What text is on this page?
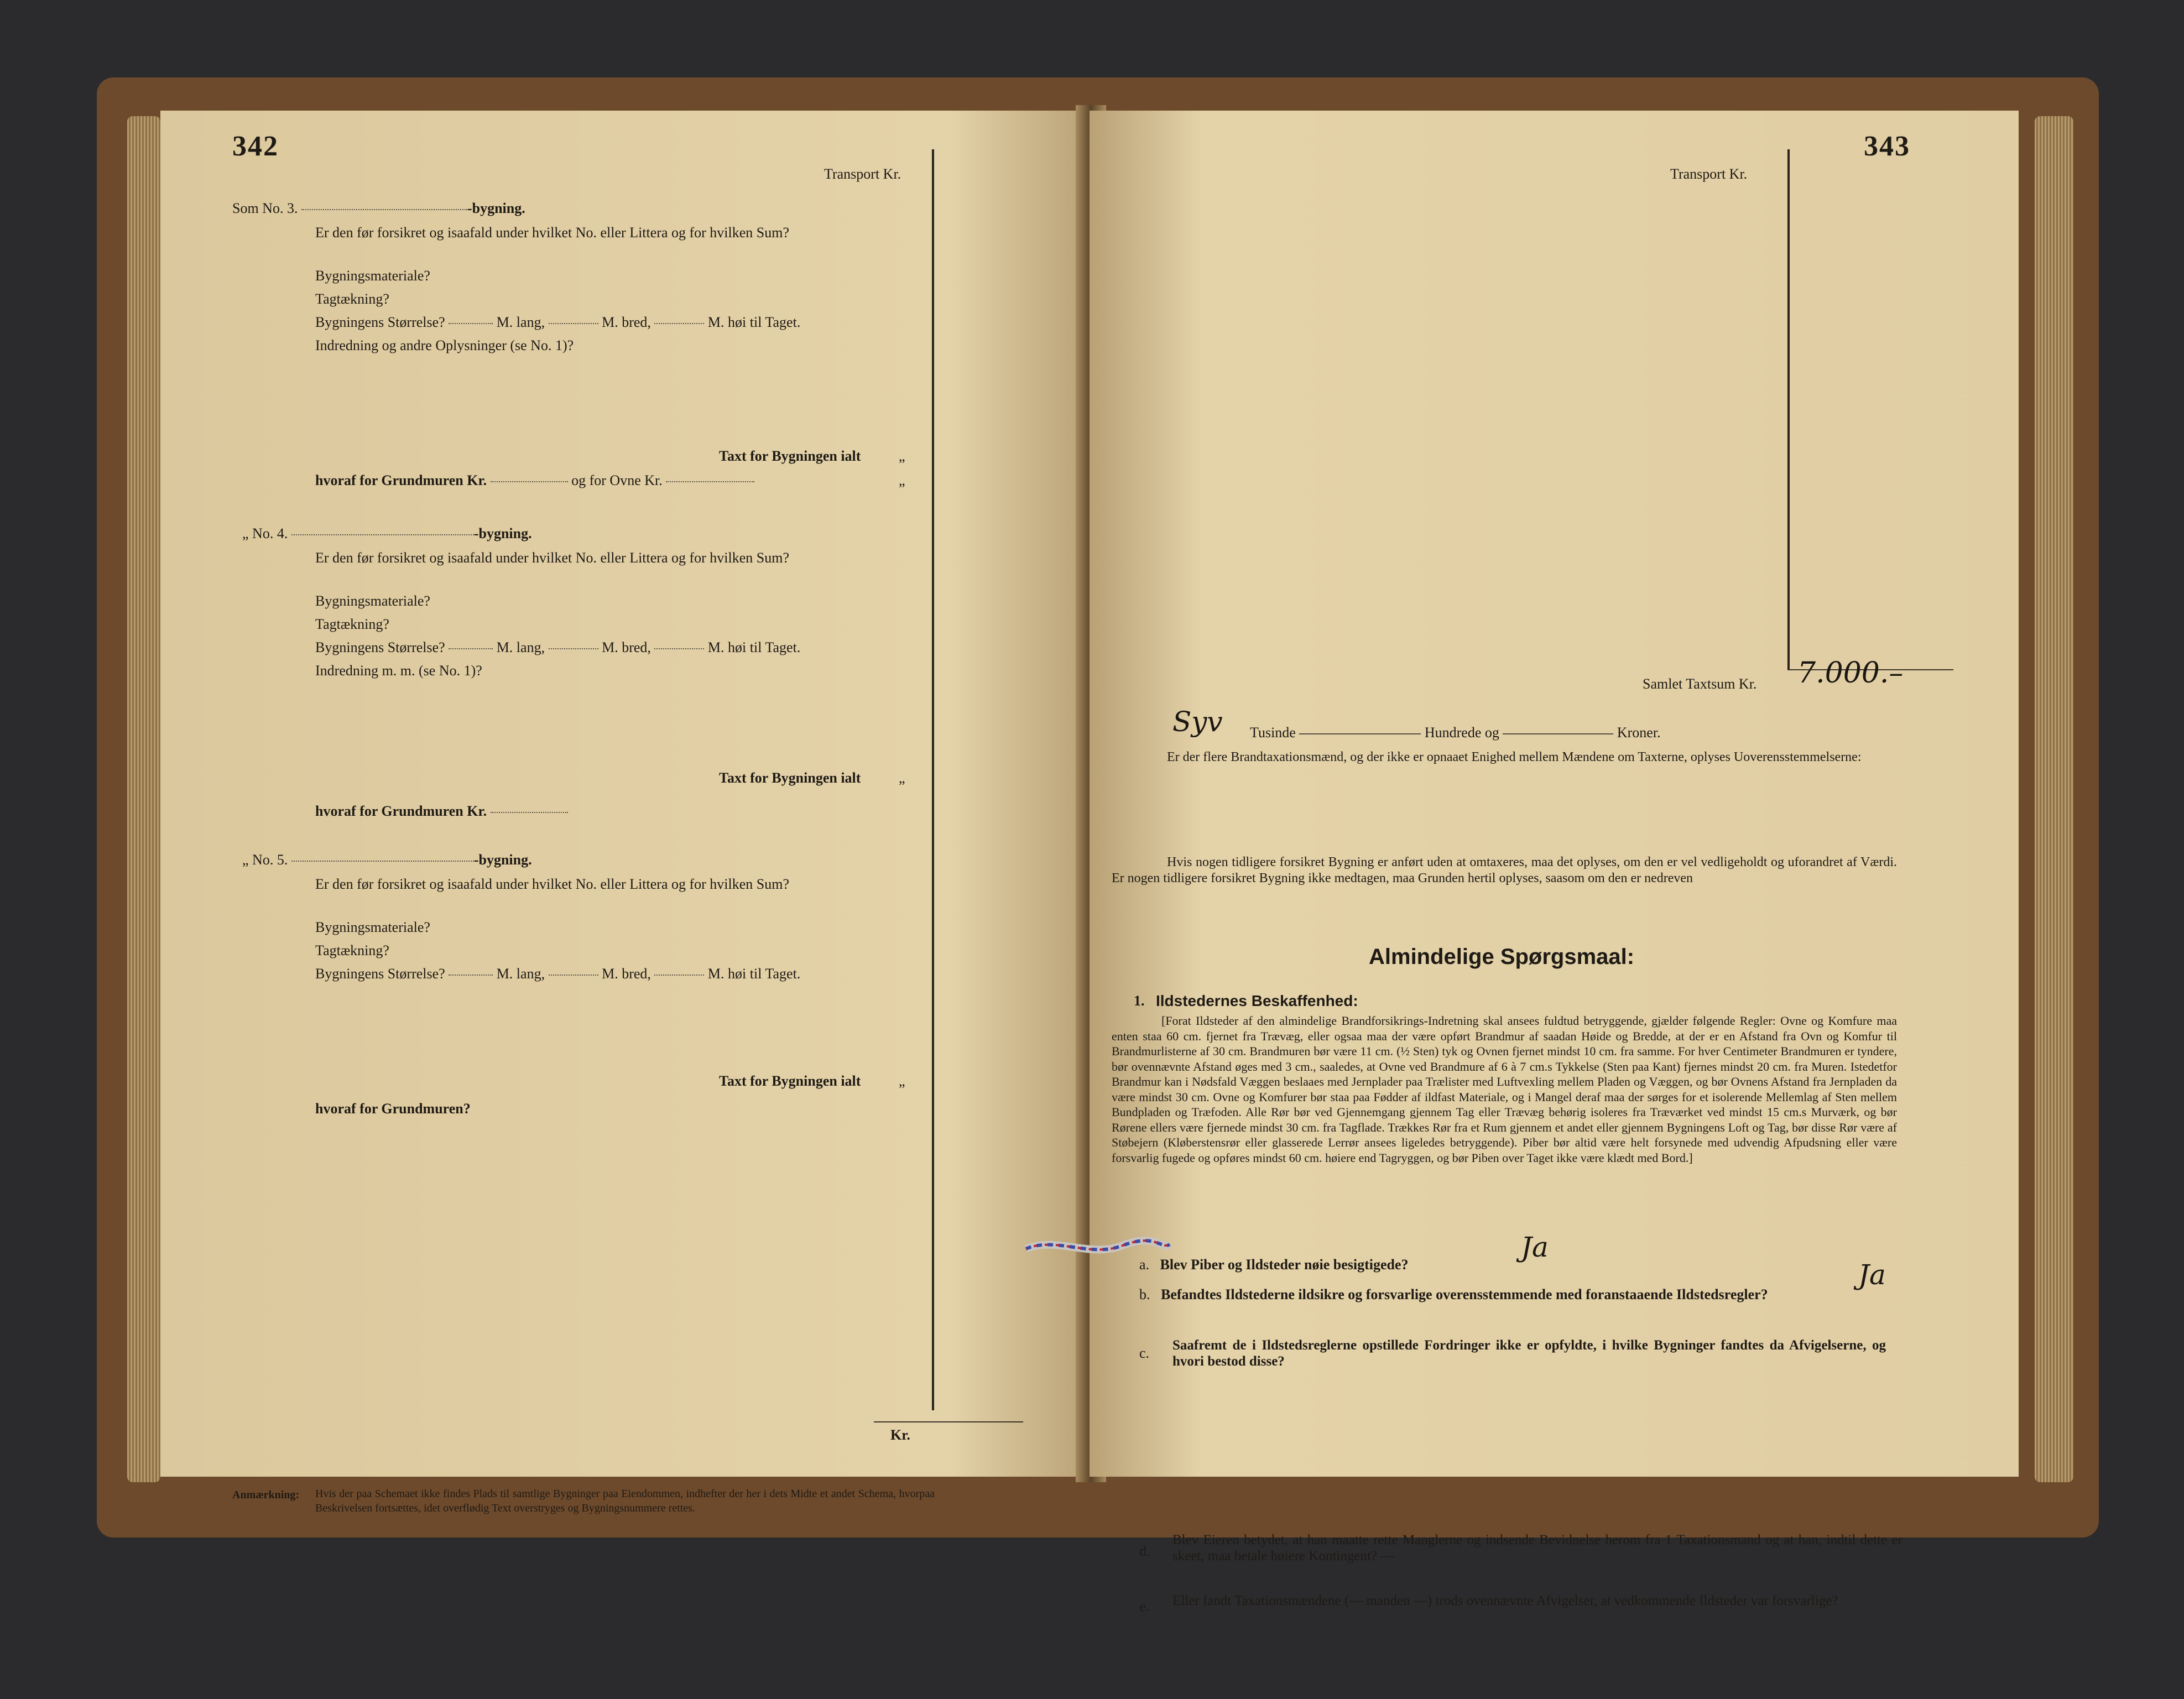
342
Transport Kr.
Som No. 3.	-bygning.
Er den før forsikret og isaafald under hvilket No. eller Littera og for hvilken Sum?
Bygningsmateriale?
Tagtækning?
Bygningens Størrelse?	M. lang,	M. bred,	M. høi til Taget.
Indredning og andre Oplysninger (se No. 1)?
Taxt for Bygningen ialt	„
hvoraf for Grundmuren Kr.	og for Ovne Kr.	„
„ No. 4.	-bygning.
Er den før forsikret og isaafald under hvilket No. eller Littera og for hvilken Sum?
Bygningsmateriale?
Tagtækning?
Bygningens Størrelse?	M. lang,	M. bred,	M. høi til Taget.
Indredning m. m. (se No. 1)?
Taxt for Bygningen ialt	„
hvoraf for Grundmuren Kr.
„ No. 5.	-bygning.
Er den før forsikret og isaafald under hvilket No. eller Littera og for hvilken Sum?
Bygningsmateriale?
Tagtækning?
Bygningens Størrelse?	M. lang,	M. bred,	M. høi til Taget.
Taxt for Bygningen ialt	„
hvoraf for Grundmuren?
Kr.
Anmærkning: Hvis der paa Schemaet ikke findes Plads til samtlige Bygninger paa Eiendommen, indhefter der her i dets Midte et andet Schema, hvorpaa Beskrivelsen fortsættes, idet overflødig Text overstryges og Bygningsnummere rettes.
343
Transport Kr.
Samlet Taxtsum Kr. 7.000.–
Syv Tusinde	Hundrede og	Kroner.
Er der flere Brandtaxationsmænd, og der ikke er opnaaet Enighed mellem Mændene om Taxterne, oplyses Uoverensstemmelserne:
Hvis nogen tidligere forsikret Bygning er anført uden at omtaxeres, maa det oplyses, om den er vel vedligeholdt og uforandret af Værdi. Er nogen tidligere forsikret Bygning ikke medtagen, maa Grunden hertil oplyses, saasom om den er nedreven
Almindelige Spørgsmaal:
1. Ildstedernes Beskaffenhed:
[Forat Ildsteder af den almindelige Brandforsikrings-Indretning skal ansees fuldtud betryggende, gjælder følgende Regler: Ovne og Komfure maa enten staa 60 cm. fjernet fra Trævæg, eller ogsaa maa der være opført Brandmur af saadan Høide og Bredde, at der er en Afstand fra Ovn og Komfur til Brandmurlisterne af 30 cm. Brandmuren bør være 11 cm. (½ Sten) tyk og Ovnen fjernet mindst 10 cm. fra samme. For hver Centimeter Brandmuren er tyndere, bør ovennævnte Afstand øges med 3 cm., saaledes, at Ovne ved Brandmure af 6 à 7 cm.s Tykkelse (Sten paa Kant) fjernes mindst 20 cm. fra Muren. Istedetfor Brandmur kan i Nødsfald Væggen beslaaes med Jernplader paa Trælister med Luftvexling mellem Pladen og Væggen, og bør Ovnens Afstand fra Jernpladen da være mindst 30 cm. Ovne og Komfurer bør staa paa Fødder af ildfast Materiale, og i Mangel deraf maa der sørges for et isolerende Mellemlag af Sten mellem Bundpladen og Træfoden. Alle Rør bør ved Gjennemgang gjennem Tag eller Trævæg behørig isoleres fra Træværket ved mindst 15 cm.s Murværk, og bør Rørene ellers være fjernede mindst 30 cm. fra Tagflade. Trækkes Rør fra et Rum gjennem et andet eller gjennem Bygningens Loft og Tag, bør disse Rør være af Støbejern (Kløberstensrør eller glasserede Lerrør ansees ligeledes betryggende). Piber bør altid være helt forsynede med udvendig Afpudsning eller være forsvarlig fugede og opføres mindst 60 cm. høiere end Tagryggen, og bør Piben over Taget ikke være klædt med Bord.]
a. Blev Piber og Ildsteder nøie besigtigede?
Ja
b. Befandtes Ildstederne ildsikre og forsvarlige overensstemmende med foranstaaende Ildstedsregler?
Ja
c. Saafremt de i Ildstedsreglerne opstillede Fordringer ikke er opfyldte, i hvilke Bygninger fandtes da Afvigelserne, og hvori bestod disse?
d.
Blev Eieren betydet, at han maatte rette Manglerne og indsende Bevidnelse herom fra 1 Taxationsmand og at han, indtil dette er skeet, maa betale høiere Kontingent? —
e. Eller fandt Taxationsmændene (— manden —) trods ovennævnte Afvigelser, at vedkommende Ildsteder var forsvarlige?
